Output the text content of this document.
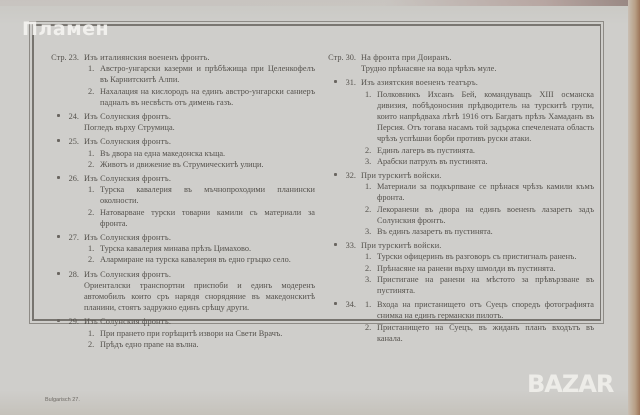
Стр. 23. Изъ италиянския воененъ фронтъ.
1. Австро-унгарски казерми и прѣбѣжища при Целенкофелъ въ Карнитскитѣ Алпи.
2. Нахалация на кислородъ на единъ австро-унгарски саниеръ падналъ въ несвѣсть отъ димень газъ.
24. Изъ Солунския фронтъ.
Погледъ върху Струмица.
25. Изъ Солунския фронтъ.
1. Въ двора на една македонска къща.
2. Животъ и движение въ Струмическитѣ улици.
26. Изъ Солунския фронтъ.
1. Турска кавалерия въ мъчнопроходими планински околности.
2. Натоварване турски товарни камили съ материали за фронта.
27. Изъ Солунския фронтъ.
1. Турска кавалерия минава прѣзъ Цимахово.
2. Алармиране на турска кавалерия въ едно гръцко село.
28. Изъ Солунския фронтъ.
Ориенталски транспортни приспоби и единъ модеренъ автомобилъ които сръ нарядя снорядяние въ македонскитѣ планини, стоятъ задружно единъ срѣщу други.
29. Изъ Солунския фронтъ.
1. При прането при горѣщитѣ извори на Свети Врачъ.
2. Прѣдъ едно прane на вълна.
Стр. 30. На фронта при Доиранъ.
Трудно прѣнасяне на вода чрѣзъ муле.
31. Изъ азиятския воененъ театъръ.
1. Полковникъ Ихсанъ Бей, командуващъ XIII османска дивизия, побѣдоносния прѣдводитель на турскитѣ групи, които напрѣдваха лѣтѣ 1916 отъ Багдатъ прѣзъ Хамаданъ въ Персия. Отъ тогава насамъ той задържа спечелената область чрѣзъ успѣшни борби противъ руски атаки.
2. Единъ лагеръ въ пустинята.
3. Арабски патрулъ въ пустинята.
32. При турскитѣ войски.
1. Материали за подкърпване се прѣнася чрѣзъ камили къмъ фронта.
2. Лекоранени въ двора на единъ воененъ лазаретъ задъ Солунския фронтъ.
3. Въ единъ лазаретъ въ пустинята.
33. При турскитѣ войски.
1. Турски офицеринъ въ разговоръ съ пристигналъ раненъ.
2. Прѣнасяне на ранени върху шмолди въ пустинята.
3. Пристигане на ранени на мѣстото за прѣвързване въ пустинята.
34. 1. Входа на пристанището отъ Суецъ споредъ фотографията снимка на единъ германски пилотъ.
2. Пристанището на Суецъ, въ жиданъ планъ входътъ въ канала.
Bulgarisch 27.
Пламен
BAZAR
